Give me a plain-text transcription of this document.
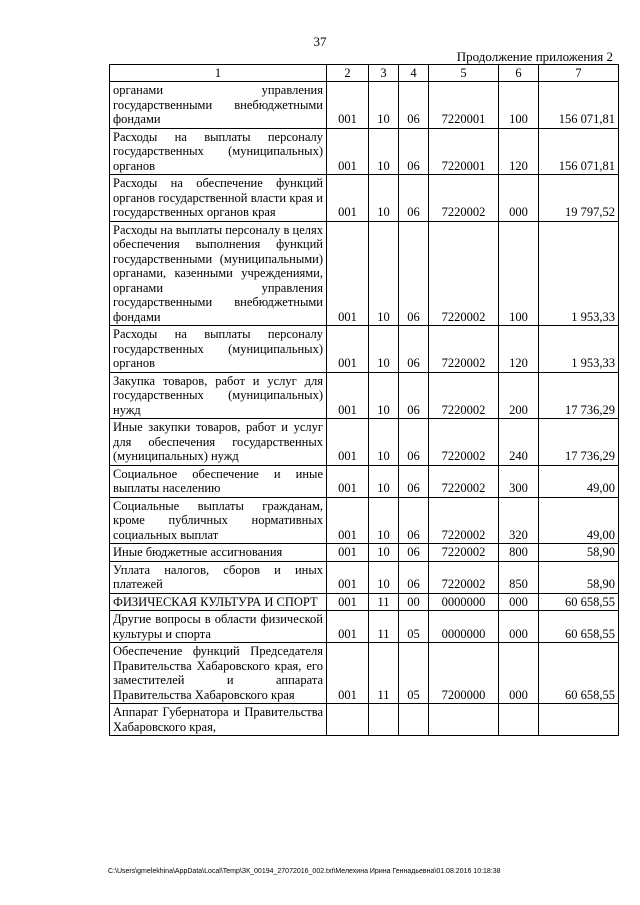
37
Продолжение приложения 2
1	2	3	4	5	6	7
органами управления государственными внебюджетными фондами	001	10	06	7220001	100	156 071,81
Расходы на выплаты персоналу государственных (муниципальных) органов	001	10	06	7220001	120	156 071,81
Расходы на обеспечение функций органов государственной власти края и государственных органов края	001	10	06	7220002	000	19 797,52
Расходы на выплаты персоналу в целях обеспечения выполнения функций государственными (муниципальными) органами, казенными учреждениями, органами управления государственными внебюджетными фондами	001	10	06	7220002	100	1 953,33
Расходы на выплаты персоналу государственных (муниципальных) органов	001	10	06	7220002	120	1 953,33
Закупка товаров, работ и услуг для государственных (муниципальных) нужд	001	10	06	7220002	200	17 736,29
Иные закупки товаров, работ и услуг для обеспечения государственных (муниципальных) нужд	001	10	06	7220002	240	17 736,29
Социальное обеспечение и иные выплаты населению	001	10	06	7220002	300	49,00
Социальные выплаты гражданам, кроме публичных нормативных социальных выплат	001	10	06	7220002	320	49,00
Иные бюджетные ассигнования	001	10	06	7220002	800	58,90
Уплата налогов, сборов и иных платежей	001	10	06	7220002	850	58,90
ФИЗИЧЕСКАЯ КУЛЬТУРА И СПОРТ	001	11	00	0000000	000	60 658,55
Другие вопросы в области физической культуры и спорта	001	11	05	0000000	000	60 658,55
Обеспечение функций Председателя Правительства Хабаровского края, его заместителей и аппарата Правительства Хабаровского края	001	11	05	7200000	000	60 658,55
Аппарат Губернатора и Правительства Хабаровского края,						
C:\Users\gmelekhina\AppData\Local\Temp\ЗК_00194_27072016_002.txt\Мелехина Ирина Геннадьевна\01.08.2016 10:18:38
